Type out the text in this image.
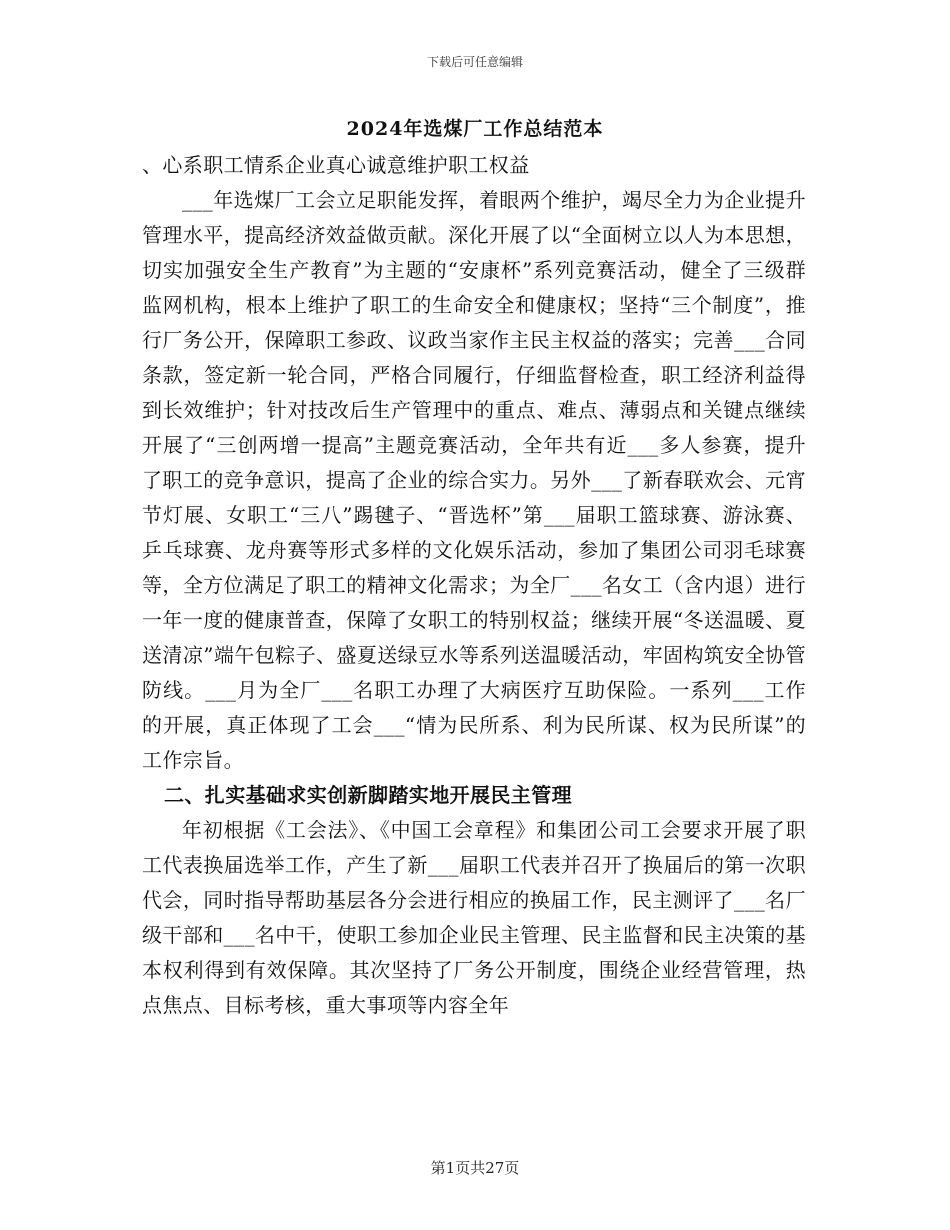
下载后可任意编辑
2024年选煤厂工作总结范本

、心系职工情系企业真心诚意维护职工权益

___年选煤厂工会立足职能发挥，着眼两个维护，竭尽全力为企业提升管理水平，提高经济效益做贡献。深化开展了以“全面树立以人为本思想，切实加强安全生产教育”为主题的“安康杯”系列竞赛活动，健全了三级群监网机构，根本上维护了职工的生命安全和健康权；坚持“三个制度”，推行厂务公开，保障职工参政、议政当家作主民主权益的落实；完善___合同条款，签定新一轮合同，严格合同履行，仔细监督检查，职工经济利益得到长效维护；针对技改后生产管理中的重点、难点、薄弱点和关键点继续开展了“三创两增一提高”主题竞赛活动，全年共有近___多人参赛，提升了职工的竞争意识，提高了企业的综合实力。另外___了新春联欢会、元宵节灯展、女职工“三八”踢毽子、“晋选杯”第___届职工篮球赛、游泳赛、乒乓球赛、龙舟赛等形式多样的文化娱乐活动，参加了集团公司羽毛球赛等，全方位满足了职工的精神文化需求；为全厂___名女工（含内退）进行一年一度的健康普查，保障了女职工的特别权益；继续开展“冬送温暖、夏送清凉”端午包粽子、盛夏送绿豆水等系列送温暖活动，牢固构筑安全协管防线。___月为全厂___名职工办理了大病医疗互助保险。一系列___工作的开展，真正体现了工会___“情为民所系、利为民所谋、权为民所谋”的工作宗旨。

二、扎实基础求实创新脚踏实地开展民主管理

年初根据《工会法》、《中国工会章程》和集团公司工会要求开展了职工代表换届选举工作，产生了新___届职工代表并召开了换届后的第一次职代会，同时指导帮助基层各分会进行相应的换届工作，民主测评了___名厂级干部和___名中干，使职工参加企业民主管理、民主监督和民主决策的基本权利得到有效保障。其次坚持了厂务公开制度，围绕企业经营管理，热点焦点、目标考核，重大事项等内容全年

第1页共27页
